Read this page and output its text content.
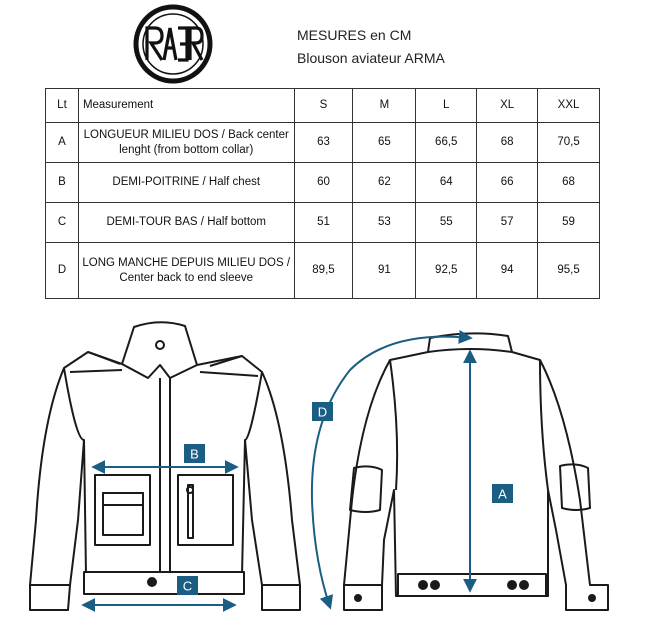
MESURES en CM
Blouson aviateur ARMA
Lt	Measurement	S	M	L	XL	XXL
A	LONGUEUR MILIEU DOS / Back center lenght (from bottom collar)	63	65	66,5	68	70,5
B	DEMI-POITRINE / Half chest	60	62	64	66	68
C	DEMI-TOUR BAS / Half bottom	51	53	55	57	59
D	LONG MANCHE DEPUIS MILIEU DOS /
Center back to end sleeve	89,5	91	92,5	94	95,5
B
C
A
D
